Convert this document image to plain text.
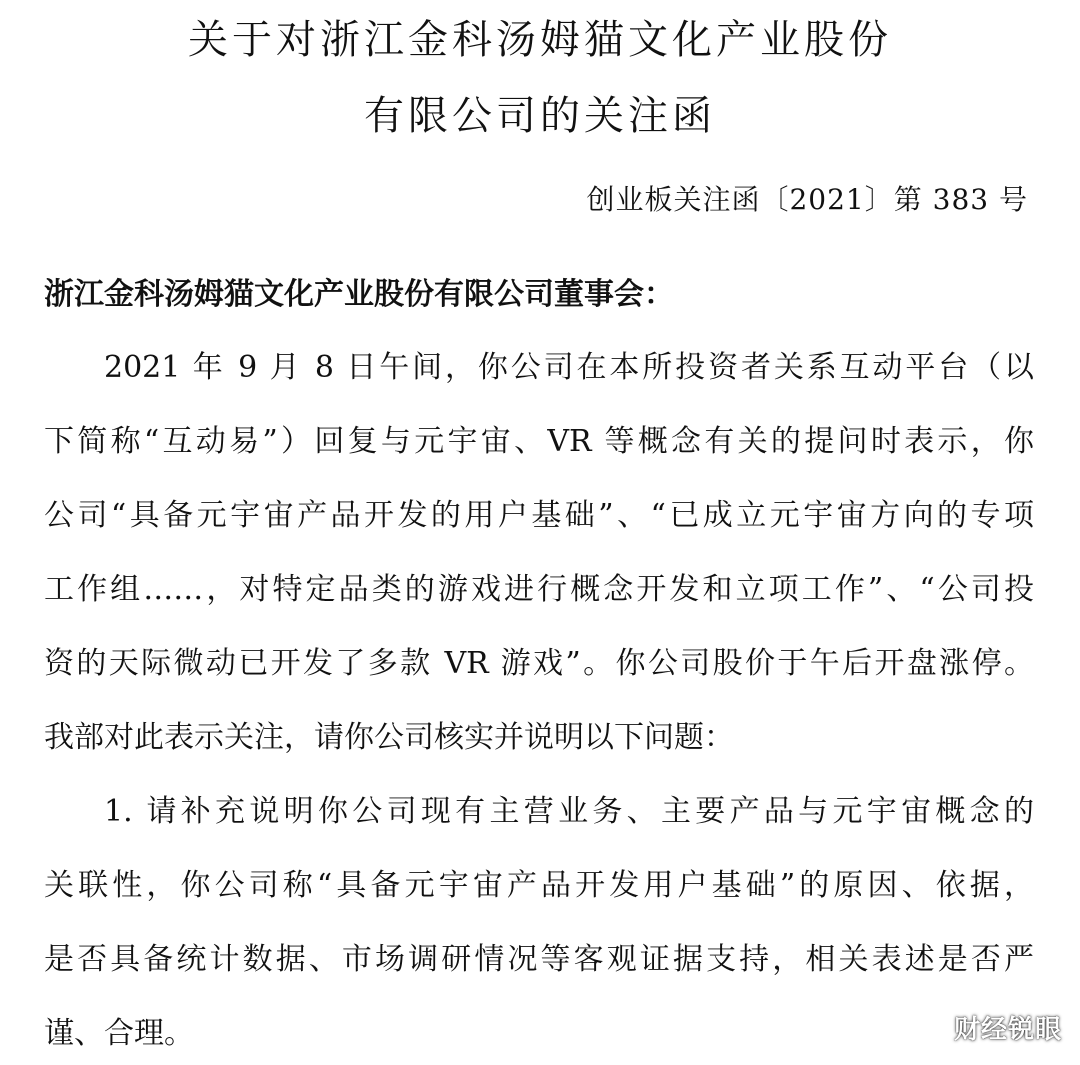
关于对浙江金科汤姆猫文化产业股份
有限公司的关注函
创业板关注函〔2021〕第 383 号
浙江金科汤姆猫文化产业股份有限公司董事会：
2021 年 9 月 8 日午间，你公司在本所投资者关系互动平台（以
下简称“互动易”）回复与元宇宙、VR 等概念有关的提问时表示，你
公司“具备元宇宙产品开发的用户基础”、“已成立元宇宙方向的专项
工作组……，对特定品类的游戏进行概念开发和立项工作”、“公司投
资的天际微动已开发了多款 VR 游戏”。你公司股价于午后开盘涨停。
我部对此表示关注，请你公司核实并说明以下问题：
1. 请补充说明你公司现有主营业务、主要产品与元宇宙概念的
关联性，你公司称“具备元宇宙产品开发用户基础”的原因、依据，
是否具备统计数据、市场调研情况等客观证据支持，相关表述是否严
谨、合理。	财经锐眼
